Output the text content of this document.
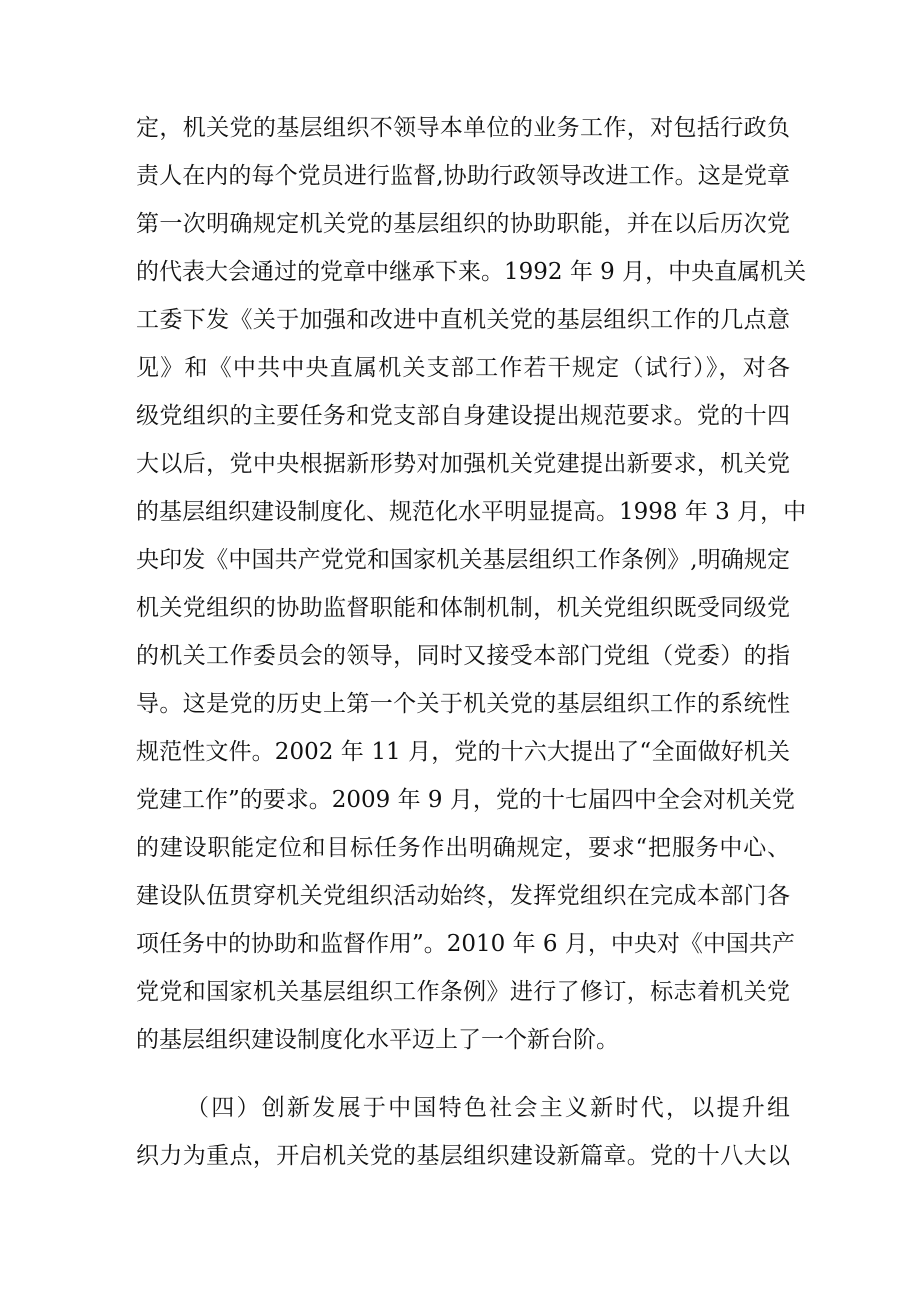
定，机关党的基层组织不领导本单位的业务工作，对包括行政负
责人在内的每个党员进行监督,协助行政领导改进工作。这是党章
第一次明确规定机关党的基层组织的协助职能，并在以后历次党
的代表大会通过的党章中继承下来。1992 年 9 月，中央直属机关
工委下发《关于加强和改进中直机关党的基层组织工作的几点意
见》和《中共中央直属机关支部工作若干规定（试行）》，对各
级党组织的主要任务和党支部自身建设提出规范要求。党的十四
大以后，党中央根据新形势对加强机关党建提出新要求，机关党
的基层组织建设制度化、规范化水平明显提高。1998 年 3 月，中
央印发《中国共产党党和国家机关基层组织工作条例》,明确规定
机关党组织的协助监督职能和体制机制，机关党组织既受同级党
的机关工作委员会的领导，同时又接受本部门党组（党委）的指
导。这是党的历史上第一个关于机关党的基层组织工作的系统性
规范性文件。2002 年 11 月，党的十六大提出了“全面做好机关
党建工作”的要求。2009 年 9 月，党的十七届四中全会对机关党
的建设职能定位和目标任务作出明确规定，要求“把服务中心、
建设队伍贯穿机关党组织活动始终，发挥党组织在完成本部门各
项任务中的协助和监督作用”。2010 年 6 月，中央对《中国共产
党党和国家机关基层组织工作条例》进行了修订，标志着机关党
的基层组织建设制度化水平迈上了一个新台阶。
（四）创新发展于中国特色社会主义新时代，以提升组
织力为重点，开启机关党的基层组织建设新篇章。党的十八大以
